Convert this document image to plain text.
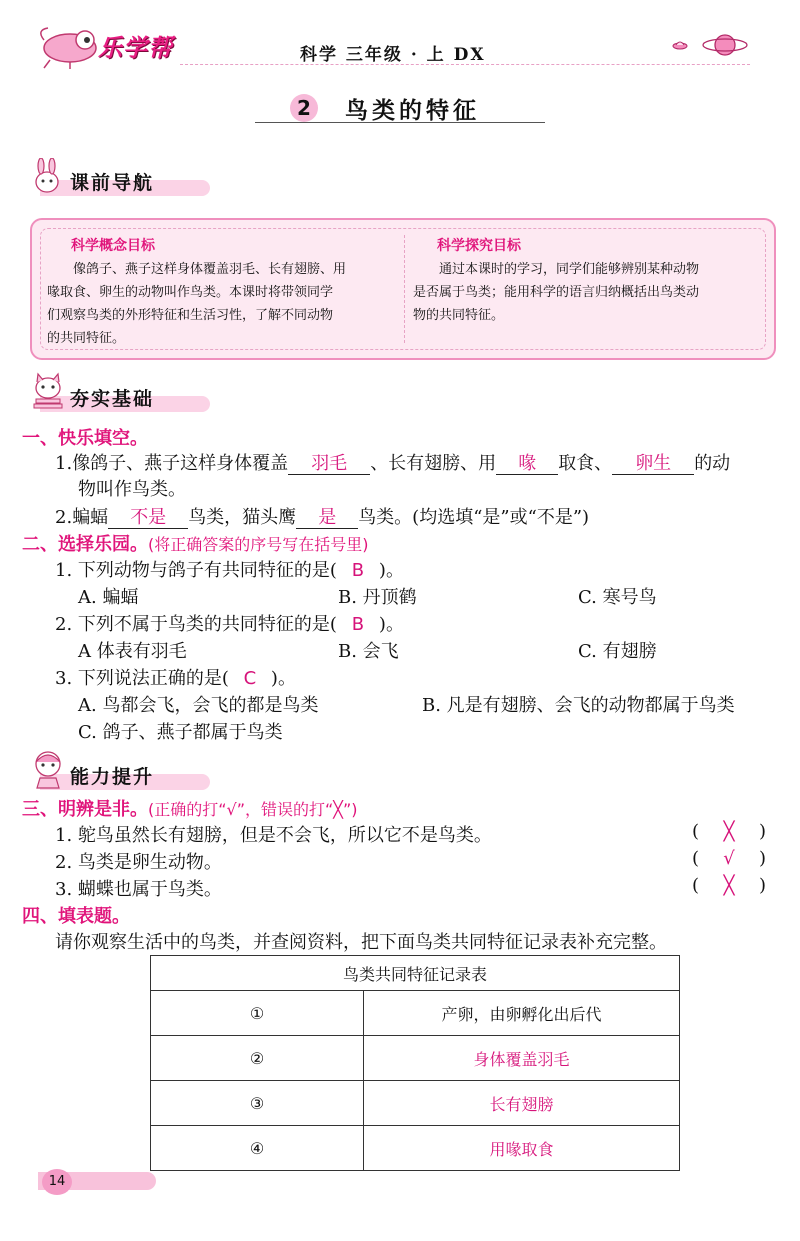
乐学帮	科学 三年级 · 上 DX
2	鸟类的特征
课前导航
科学概念目标
像鸽子、燕子这样身体覆盖羽毛、长有翅膀、用
喙取食、卵生的动物叫作鸟类。本课时将带领同学
们观察鸟类的外形特征和生活习性，了解不同动物
的共同特征。
科学探究目标
通过本课时的学习，同学们能够辨别某种动物
是否属于鸟类；能用科学的语言归纳概括出鸟类动
物的共同特征。
夯实基础
一、快乐填空。
1.像鸽子、燕子这样身体覆盖 羽毛 、长有翅膀、用 喙 取食、 卵生 的动
物叫作鸟类。
2.蝙蝠 不是 鸟类，猫头鹰 是 鸟类。(均选填“是”或“不是”)
二、选择乐园。(将正确答案的序号写在括号里)
1. 下列动物与鸽子有共同特征的是( B )。
A. 蝙蝠	B. 丹顶鹤	C. 寒号鸟
2. 下列不属于鸟类的共同特征的是( B )。
A 体表有羽毛	B. 会飞	C. 有翅膀
3. 下列说法正确的是( C )。
A. 鸟都会飞，会飞的都是鸟类	B. 凡是有翅膀、会飞的动物都属于鸟类
C. 鸽子、燕子都属于鸟类
能力提升
三、明辨是非。(正确的打“√”，错误的打“╳”)
1. 鸵鸟虽然长有翅膀，但是不会飞，所以它不是鸟类。	( ╳ )
2. 鸟类是卵生动物。	( √ )
3. 蝴蝶也属于鸟类。	( ╳ )
四、填表题。
请你观察生活中的鸟类，并查阅资料，把下面鸟类共同特征记录表补充完整。
鸟类共同特征记录表	
①	产卵，由卵孵化出后代
②	身体覆盖羽毛
③	长有翅膀
④	用喙取食
14
